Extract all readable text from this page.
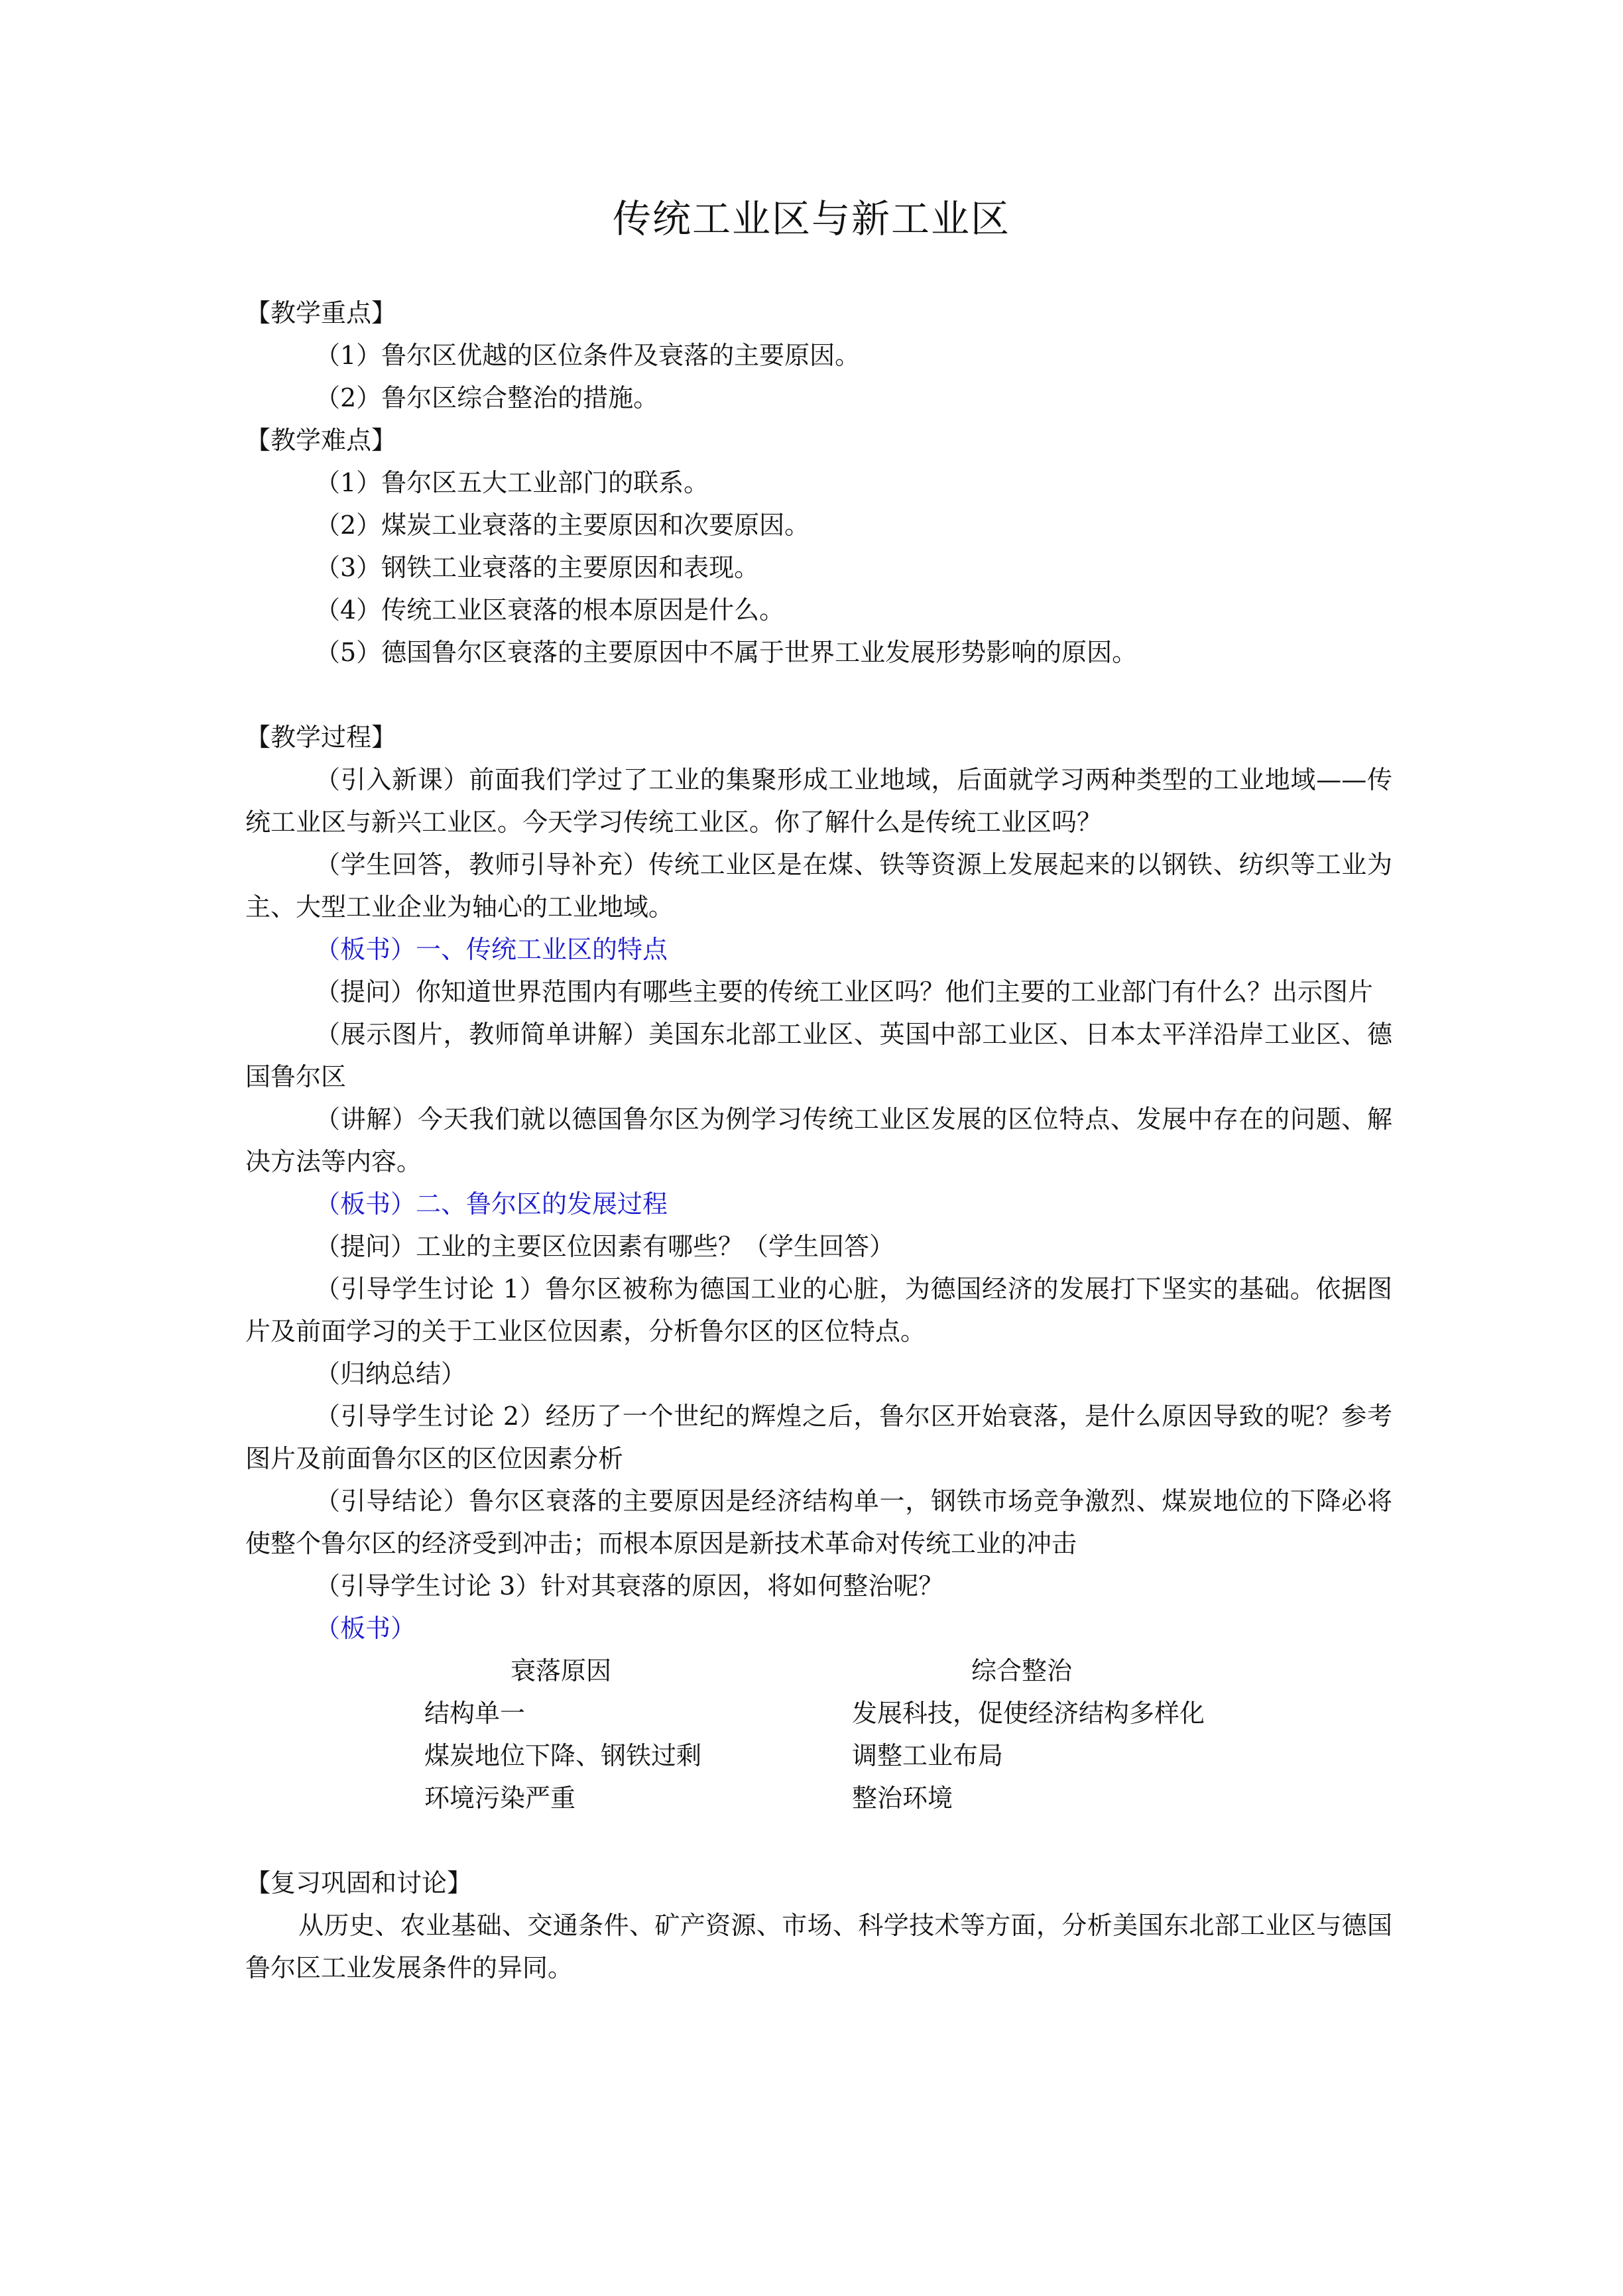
传统工业区与新工业区

【教学重点】

（1）鲁尔区优越的区位条件及衰落的主要原因。

（2）鲁尔区综合整治的措施。

【教学难点】

（1）鲁尔区五大工业部门的联系。

（2）煤炭工业衰落的主要原因和次要原因。

（3）钢铁工业衰落的主要原因和表现。

（4）传统工业区衰落的根本原因是什么。

（5）德国鲁尔区衰落的主要原因中不属于世界工业发展形势影响的原因。

【教学过程】

（引入新课）前面我们学过了工业的集聚形成工业地域，后面就学习两种类型的工业地域——传统工业区与新兴工业区。今天学习传统工业区。你了解什么是传统工业区吗？

（学生回答，教师引导补充）传统工业区是在煤、铁等资源上发展起来的以钢铁、纺织等工业为主、大型工业企业为轴心的工业地域。

（板书）一、传统工业区的特点

（提问）你知道世界范围内有哪些主要的传统工业区吗？他们主要的工业部门有什么？出示图片

（展示图片，教师简单讲解）美国东北部工业区、英国中部工业区、日本太平洋沿岸工业区、德国鲁尔区

（讲解）今天我们就以德国鲁尔区为例学习传统工业区发展的区位特点、发展中存在的问题、解决方法等内容。

（板书）二、鲁尔区的发展过程

（提问）工业的主要区位因素有哪些？（学生回答）

（引导学生讨论 1）鲁尔区被称为德国工业的心脏，为德国经济的发展打下坚实的基础。依据图片及前面学习的关于工业区位因素，分析鲁尔区的区位特点。

（归纳总结）

（引导学生讨论 2）经历了一个世纪的辉煌之后，鲁尔区开始衰落，是什么原因导致的呢？参考图片及前面鲁尔区的区位因素分析

（引导结论）鲁尔区衰落的主要原因是经济结构单一，钢铁市场竞争激烈、煤炭地位的下降必将使整个鲁尔区的经济受到冲击；而根本原因是新技术革命对传统工业的冲击

（引导学生讨论 3）针对其衰落的原因，将如何整治呢？

（板书）

衰落原因	综合整治
结构单一	发展科技，促使经济结构多样化
煤炭地位下降、钢铁过剩	调整工业布局
环境污染严重	整治环境

【复习巩固和讨论】

从历史、农业基础、交通条件、矿产资源、市场、科学技术等方面，分析美国东北部工业区与德国鲁尔区工业发展条件的异同。
